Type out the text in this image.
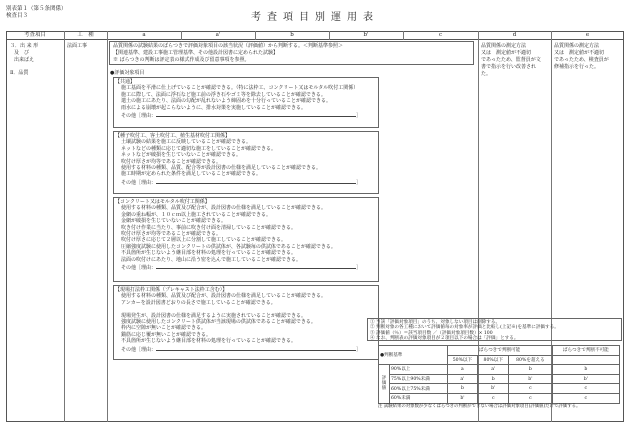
別表第１（第５条関係）
検査目３	考査項目別運用表
考査項目	工　種	a	a'	b	b'	c	d	e
３．出 来 形
及　び
出来ばえ
Ⅱ．品質
法面工事	品質関係の試験結果のばらつきで評価対象項目の該当状況（評価値）から判断する。＜判断基準参照＞
【関連基準、建設工事施工管理基準、その他設計図書に定められた試験】
※ ばらつきの判断は評定表の様式作成及び留意事項を参照。
●評価対象項目
【共通】
施工基面を平滑に仕上げていることが確認できる。（特に法枠工、コンクリート又はモルタル吹付工関係）
施工に際して、法面に浮石など施工前の浮き石やゴミ等を除去していることが確認できる。
遣土の施工にあたり、法面の勾配が乱れないよう締固めを十分行っていることが確認できる。
雨水による崩壊が起こらないように、排水対策を実施していることが確認できる。
その他［理由：	］
【種子吹付工、客土吹付工、植生基材吹付工関係】
土壌試験の結果を施工に反映していることが確認できる。
ネットなどの種類に応じて適切な施工をしていることが確認できる。
ネットなどが破損を生じていないことが確認できる。
吹付け厚さが均等であることが確認できる。
使用する材料の種類、品質、配合等が設計図書の仕様を満足していることが確認できる。
施工時期が定められた条件を満足していることが確認できる。
その他［理由：	］
【コンクリート又はモルタル吹付工関係】
使用する材料の種類、品質及び配合が、設計図書の仕様を満足していることが確認できる。
金網の重ね幅が、１０ｃｍ以上施工されていることが確認できる。
金網が破損を生じていないことが確認できる。
吹き付け作業に当たり、事前に吹き付け面を清掃していることが確認できる。
吹付け厚さが均等であることが確認できる。
吹付け厚さに応じて２層以上に分割して施工していることが確認できる。
圧縮強度試験に使用したコンクリートの供試体が、各試験毎の供試体であることが確認できる。
不具箇所が生じないよう継目部を材料の処理を行っていることが確認できる。
法面の吹付けにあたり、地山に沿う密を込んで施工していることが確認できる。
その他［理由：	］
【現場打法枠工関係（プレキャスト法枠工含む）】
使用する材料の種類、品質及び配合が、設計図書の仕様を満足していることが確認できる。
アンカーを設計図書どおりの長さで施工していることが確認できる。
現場発生が、設計図書の仕様を満足するように実施されていることが確認できる。
強度試験に使用したコンクリート供試体が当該現場の供試体であることが確認できる。
枠内に空隙が無いことが確認できる。
錨筋に応じ覆が無いことが確認できる。
不具箇所が生じないよう継目部を材料の処理を行っていることが確認できる。
その他［理由：	］
品質関係の測定方法
又は　測定値が不適切
であったため、監督員が文
書で指示を行い改善され
た。
品質関係の測定方法
又は　測定値が不適切
であったため、検査員が
修補指示を行った。
① 当該「評価対象項目」のうち、対象しない項目は削除する。
② 判断対象の各工種において評価値毎の対象率が評価と比較し(上記※)を基準に評価する。
③ 評価値（％）＝該当項目数 ／（評価対象項目数）× 100
④ なお、判断表の評価対象項目が２項目以下の場合は「評価」とする。
●判断基準		ばらつきで判断可能			ばらつきで判断不可能
		50%以下	80%以下	80%を超える	
評価値	90%以上	a	a'	b	b
	75%以上90%未満	a'	b	b'	b'
	60%以上75%未満	b	b'	c	c
	60%未満	b'	c	c	c
注 試験結果の対象数が少なくばらつきの判断ができない場合は評価対象項目(評価値)だけで評価する。
